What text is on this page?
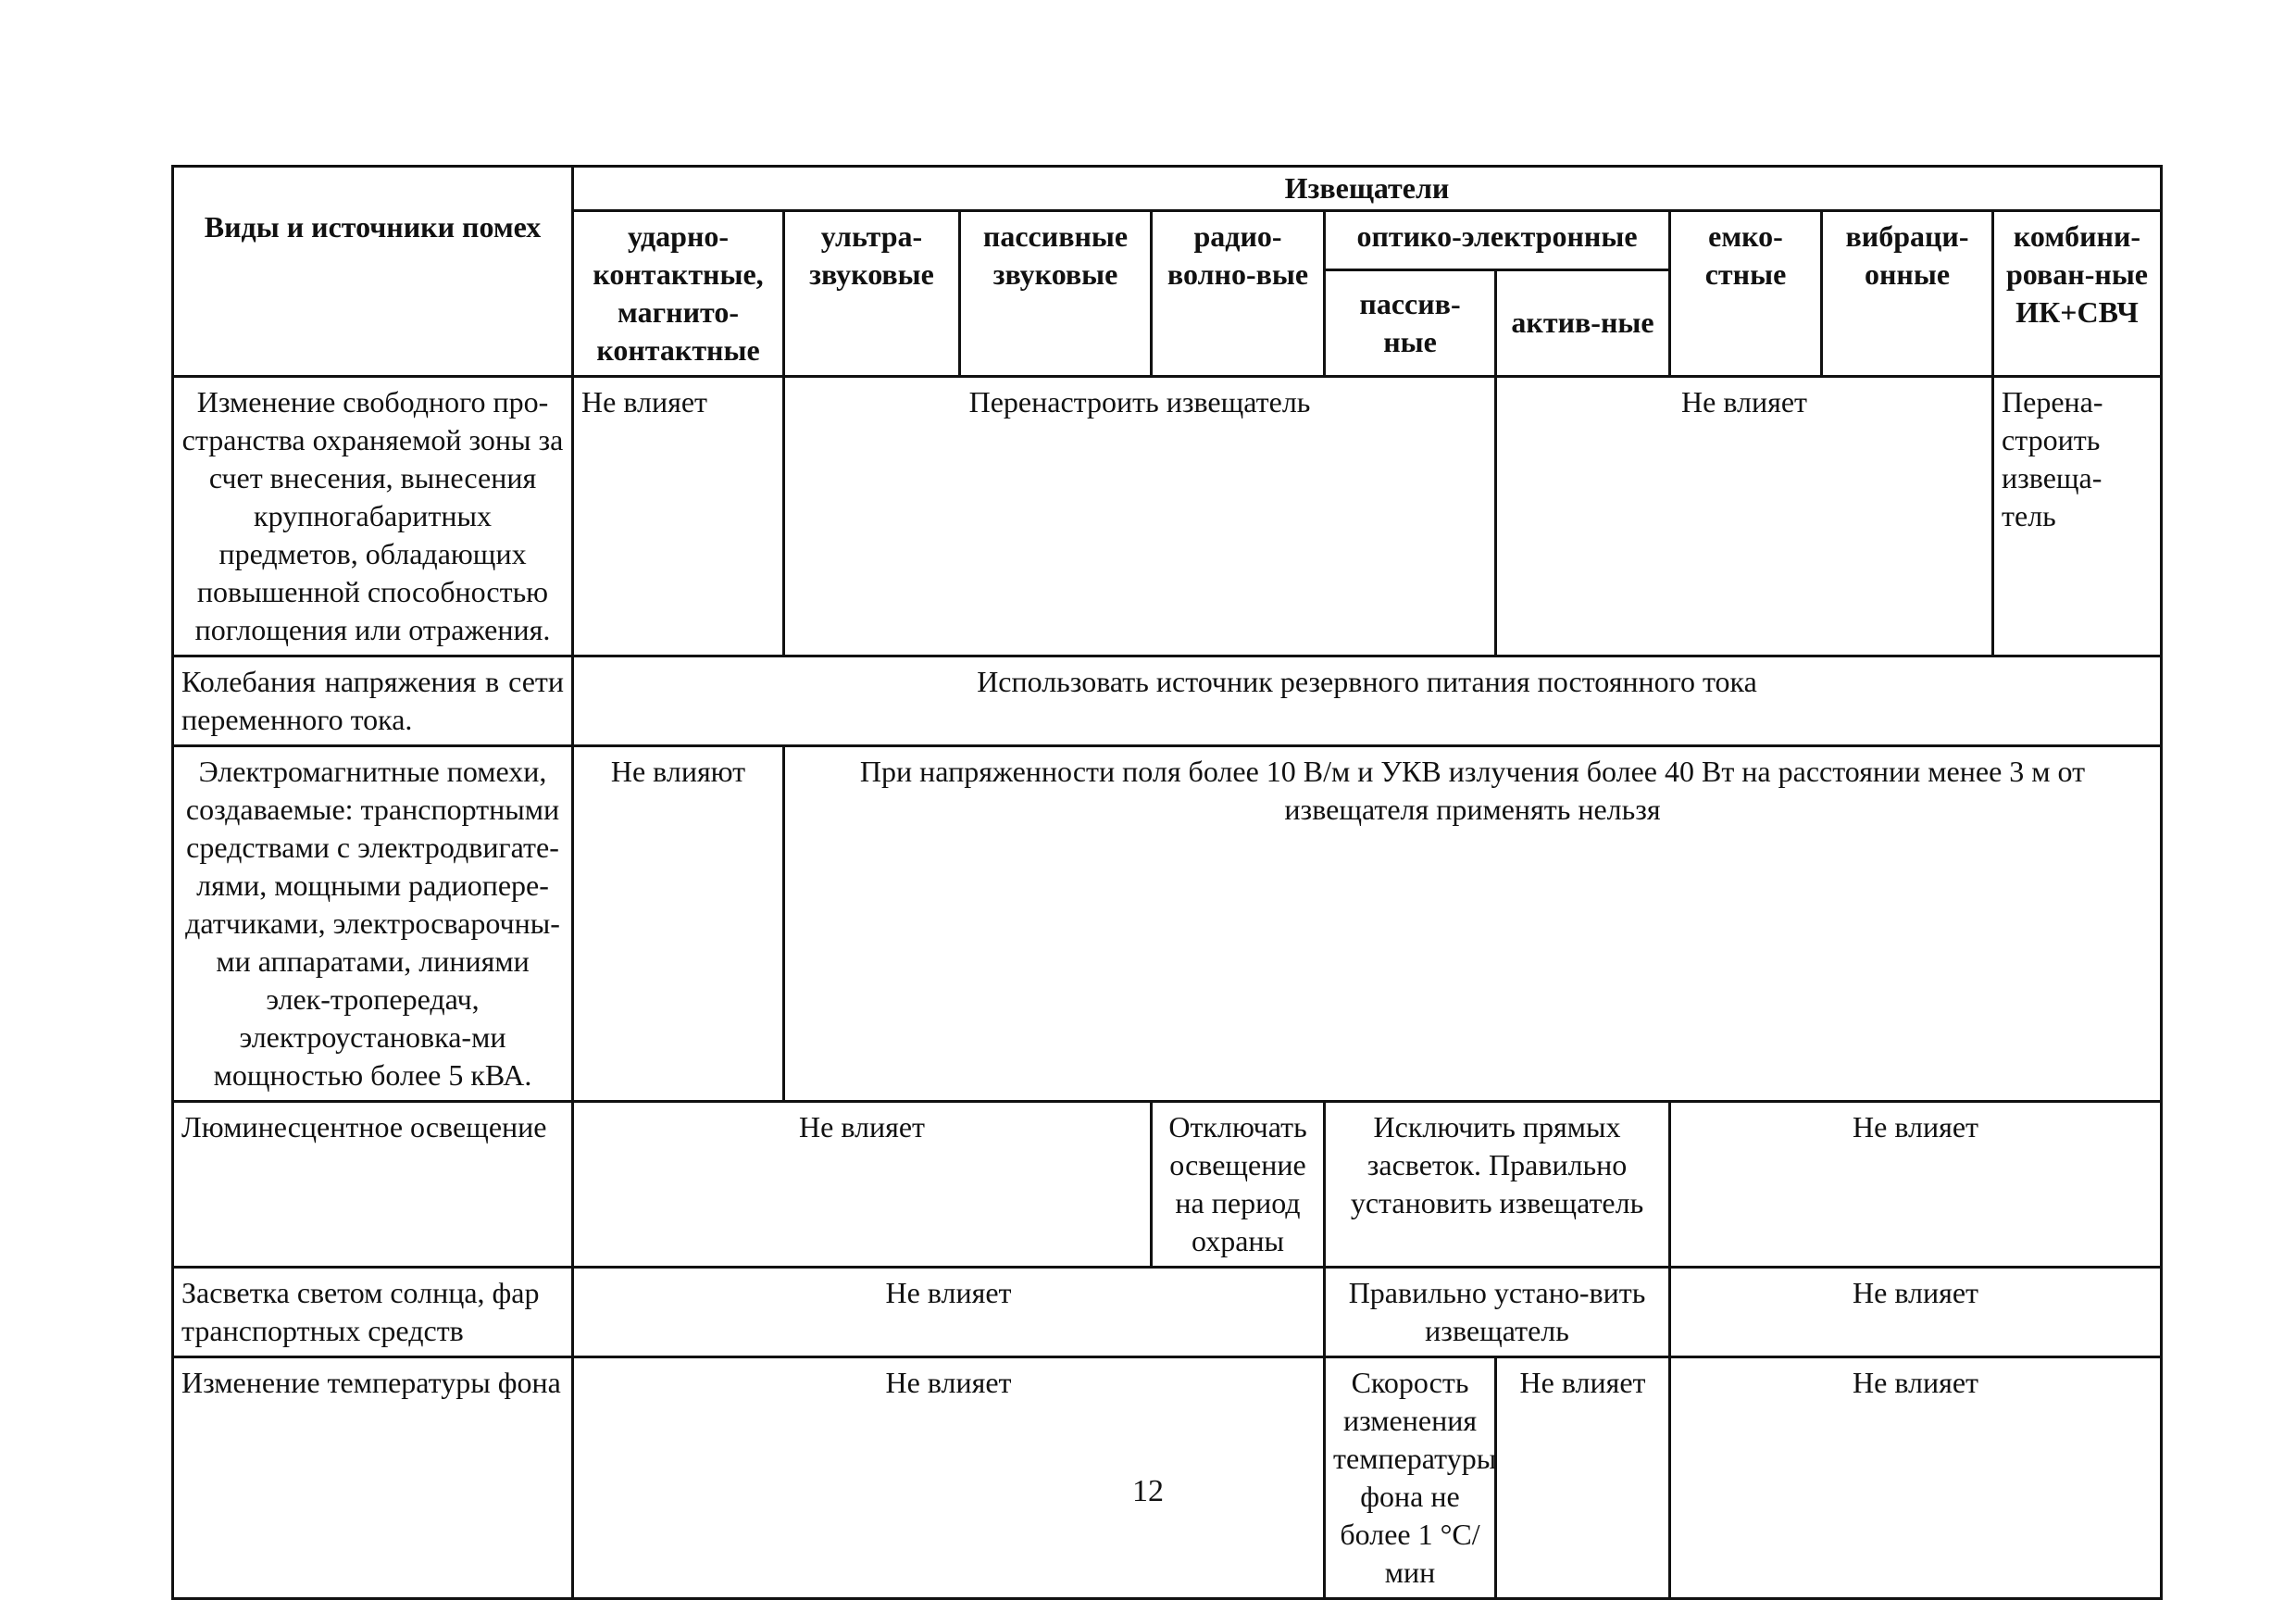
Виды и источники помех	Извещатели								
	ударно-контактные, магнито-контактные	ультра-звуковые	пассивные звуковые	радио-волно-вые	оптико-электронные		емко-стные	вибраци-онные	комбини-рован-ные ИК+СВЧ
					пассив-ные	актив-ные			
Изменение свободного про-странства охраняемой зоны за счет внесения, вынесения крупногабаритных предметов, обладающих повышенной способностью поглощения или отражения.	Не влияет	Перенастроить извещатель				Не влияет			Перена-строить извеща-тель
Колебания напряжения в сети переменного тока.	Использовать источник резервного питания постоянного тока								
Электромагнитные помехи, создаваемые: транспортными средствами с электродвигате-лями, мощными радиопере-датчиками, электросварочны-ми аппаратами, линиями элек-тропередач, электроустановка-ми мощностью более 5 кВА.	Не влияют	При напряженности поля более 10 В/м и УКВ излучения более 40 Вт на расстоянии менее 3 м от извещателя применять нельзя							
Люминесцентное освещение	Не влияет			Отключать освещение на период охраны	Исключить прямых засветок. Правильно установить извещатель		Не влияет		
Засветка светом солнца, фар транспортных средств	Не влияет				Правильно устано-вить извещатель		Не влияет		
Изменение температуры фона	Не влияет				Скорость изменения температуры фона не более 1 °С/мин	Не влияет	Не влияет		
12
